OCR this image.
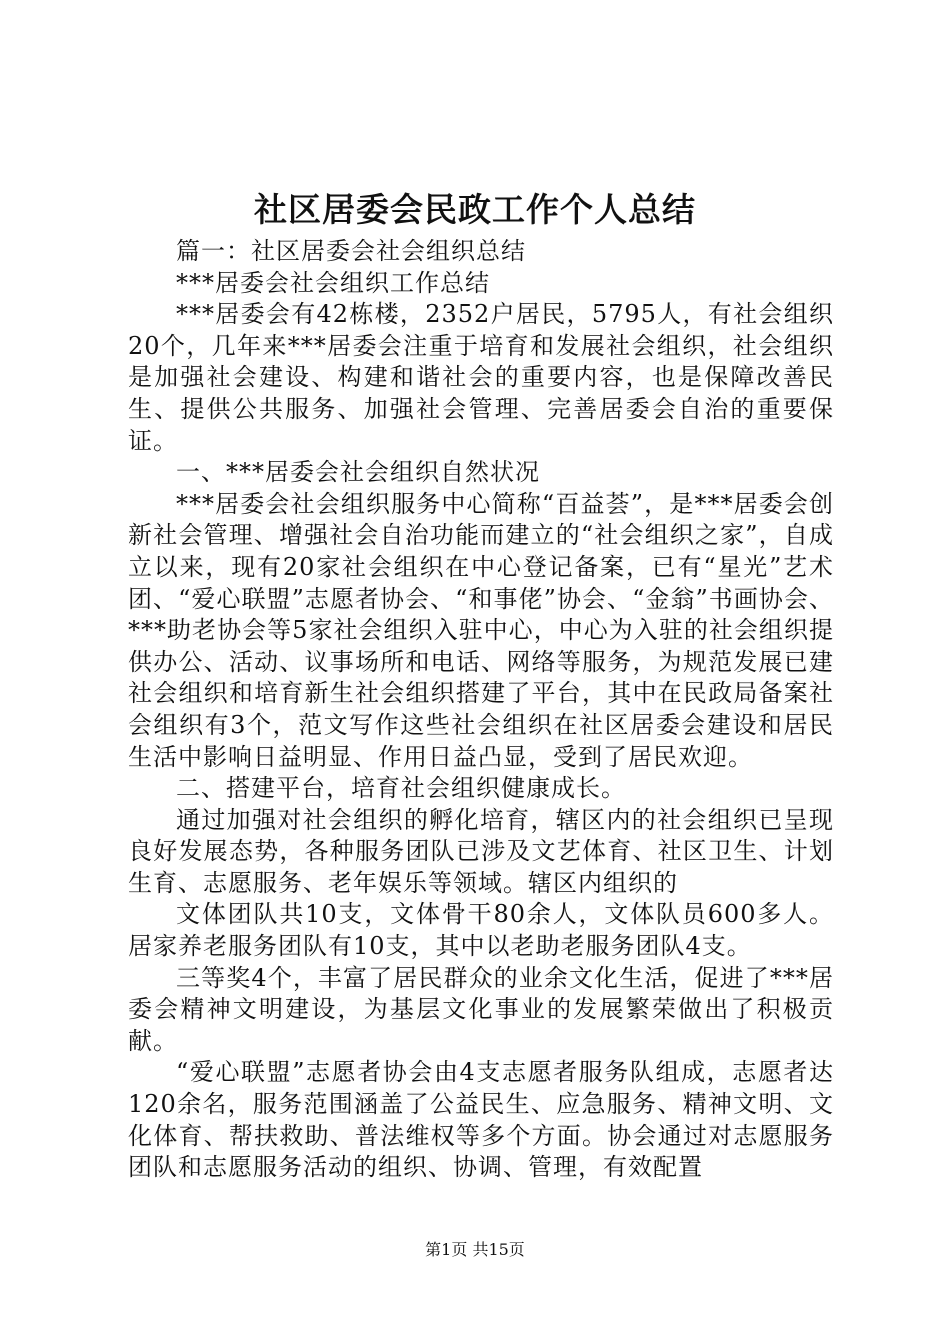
社区居委会民政工作个人总结

篇一：社区居委会社会组织总结

***居委会社会组织工作总结

***居委会有42栋楼，2352户居民，5795人，有社会组织20个，几年来***居委会注重于培育和发展社会组织，社会组织是加强社会建设、构建和谐社会的重要内容，也是保障改善民生、提供公共服务、加强社会管理、完善居委会自治的重要保证。

一、***居委会社会组织自然状况

***居委会社会组织服务中心简称“百益荟”，是***居委会创新社会管理、增强社会自治功能而建立的“社会组织之家”，自成立以来，现有20家社会组织在中心登记备案，已有“星光”艺术团、“爱心联盟”志愿者协会、“和事佬”协会、“金翁”书画协会、***助老协会等5家社会组织入驻中心，中心为入驻的社会组织提供办公、活动、议事场所和电话、网络等服务，为规范发展已建社会组织和培育新生社会组织搭建了平台，其中在民政局备案社会组织有3个，范文写作这些社会组织在社区居委会建设和居民生活中影响日益明显、作用日益凸显，受到了居民欢迎。

二、搭建平台，培育社会组织健康成长。

通过加强对社会组织的孵化培育，辖区内的社会组织已呈现良好发展态势，各种服务团队已涉及文艺体育、社区卫生、计划生育、志愿服务、老年娱乐等领域。辖区内组织的

文体团队共10支，文体骨干80余人，文体队员600多人。居家养老服务团队有10支，其中以老助老服务团队4支。

三等奖4个，丰富了居民群众的业余文化生活，促进了***居委会精神文明建设，为基层文化事业的发展繁荣做出了积极贡献。

“爱心联盟”志愿者协会由4支志愿者服务队组成，志愿者达120余名，服务范围涵盖了公益民生、应急服务、精神文明、文化体育、帮扶救助、普法维权等多个方面。协会通过对志愿服务团队和志愿服务活动的组织、协调、管理，有效配置

第1页 共15页
